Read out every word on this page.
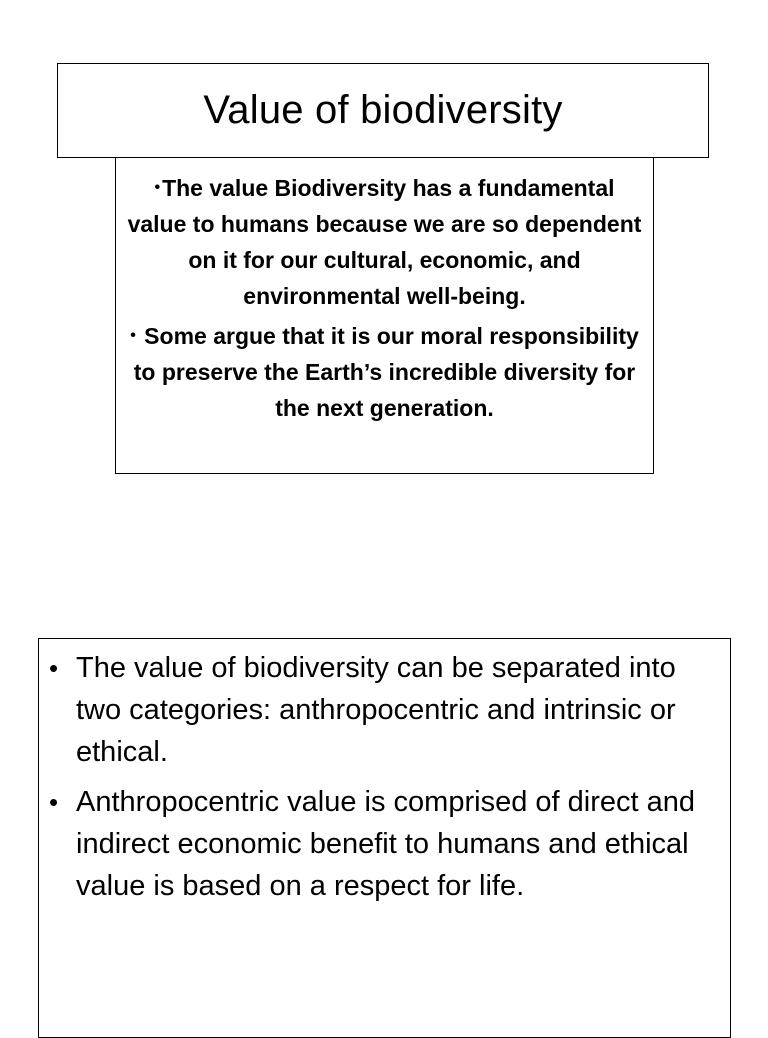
Value of biodiversity

•The value Biodiversity has a fundamental value to humans because we are so dependent on it for our cultural, economic, and environmental well-being.

• Some argue that it is our moral responsibility to preserve the Earth’s incredible diversity for the next generation.

• The value of biodiversity can be separated into two categories: anthropocentric and intrinsic or ethical.
• Anthropocentric value is comprised of direct and indirect economic benefit to humans and ethical value is based on a respect for life.
